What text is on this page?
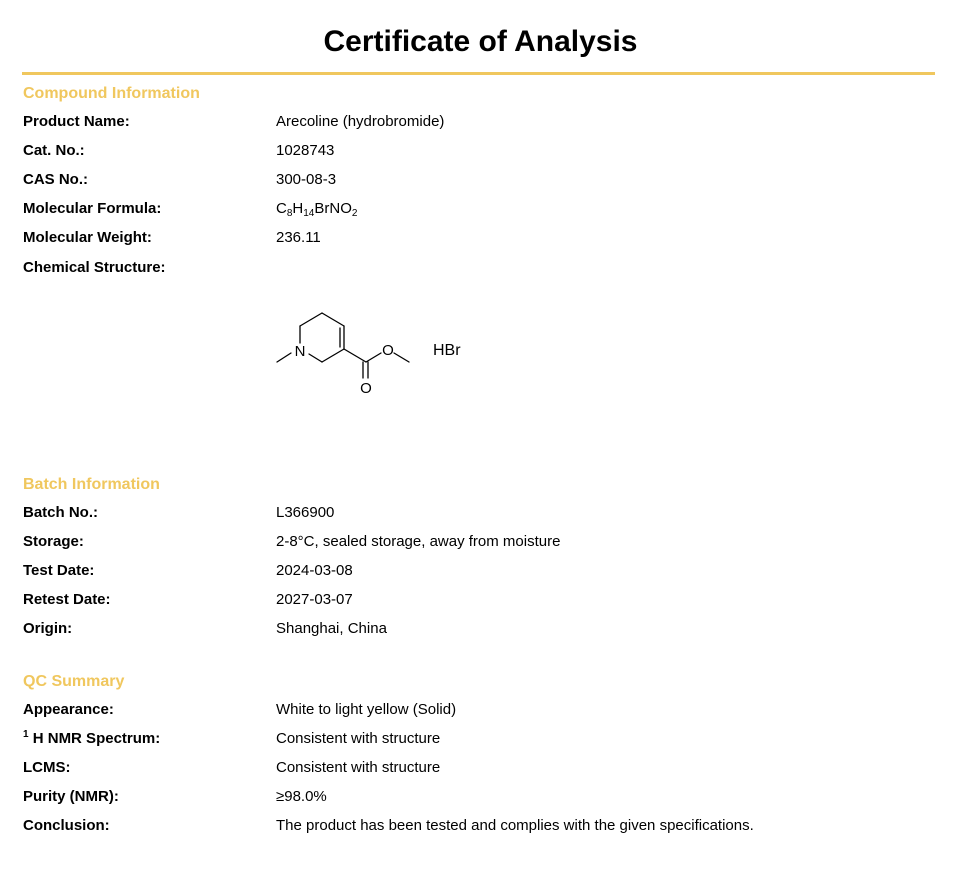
Certificate of Analysis
Compound Information
Product Name:	Arecoline (hydrobromide)
Cat. No.:	1028743
CAS No.:	300-08-3
Molecular Formula:	$C_8H_{14}BrNO_2$
Molecular Weight:	236.11
Chemical Structure:
N	O
O
HBr
Batch Information
Batch No.:	L366900
Storage:	2-8°C, sealed storage, away from moisture
Test Date:	2024-03-08
Retest Date:	2027-03-07
Origin:	Shanghai, China
QC Summary
Appearance:	White to light yellow (Solid)
$^1$ H NMR Spectrum:	Consistent with structure
LCMS:	Consistent with structure
Purity (NMR):	≥98.0%
Conclusion:	The product has been tested and complies with the given specifications.
